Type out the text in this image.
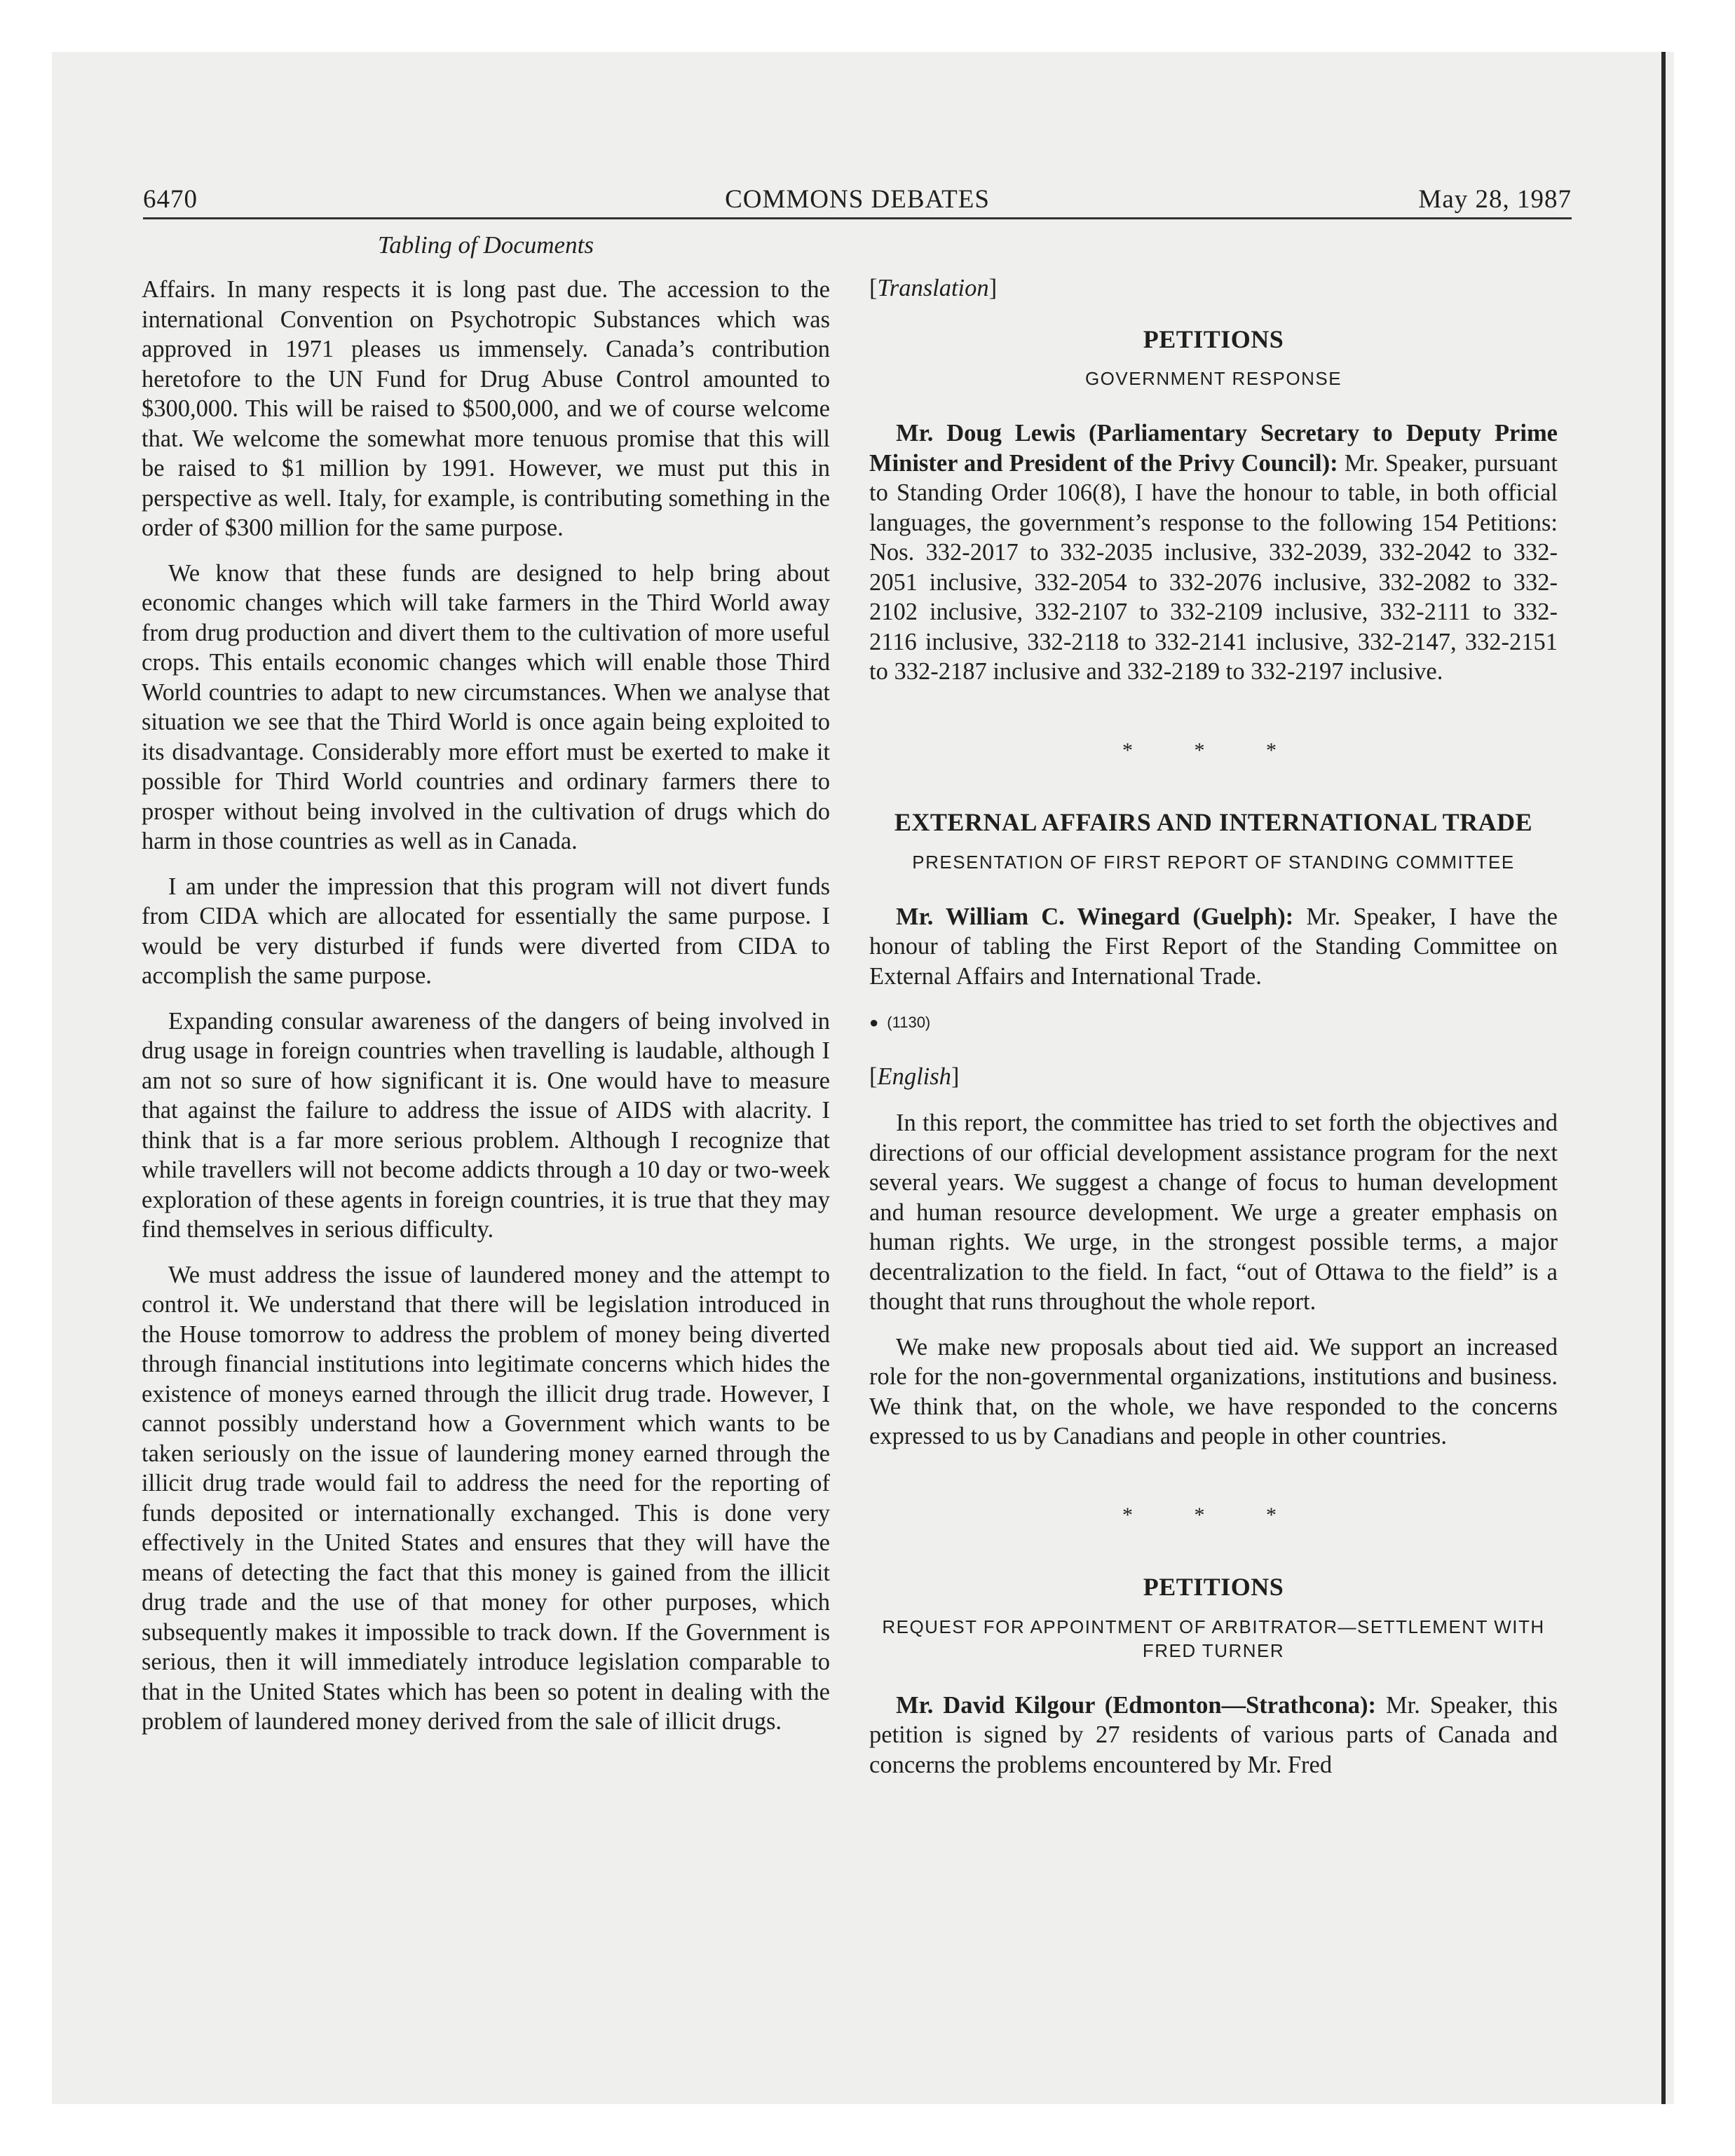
6470	COMMONS DEBATES	May 28, 1987
Tabling of Documents

Affairs. In many respects it is long past due. The accession to the international Convention on Psychotropic Substances which was approved in 1971 pleases us immensely. Canada’s contribution heretofore to the UN Fund for Drug Abuse Control amounted to $300,000. This will be raised to $500,000, and we of course welcome that. We welcome the somewhat more tenuous promise that this will be raised to $1 million by 1991. However, we must put this in perspective as well. Italy, for example, is contributing something in the order of $300 million for the same purpose.

We know that these funds are designed to help bring about economic changes which will take farmers in the Third World away from drug production and divert them to the cultivation of more useful crops. This entails economic changes which will enable those Third World countries to adapt to new circumstances. When we analyse that situation we see that the Third World is once again being exploited to its disadvantage. Considerably more effort must be exerted to make it possible for Third World countries and ordinary farmers there to prosper without being involved in the cultivation of drugs which do harm in those countries as well as in Canada.

I am under the impression that this program will not divert funds from CIDA which are allocated for essentially the same purpose. I would be very disturbed if funds were diverted from CIDA to accomplish the same purpose.

Expanding consular awareness of the dangers of being involved in drug usage in foreign countries when travelling is laudable, although I am not so sure of how significant it is. One would have to measure that against the failure to address the issue of AIDS with alacrity. I think that is a far more serious problem. Although I recognize that while travellers will not become addicts through a 10 day or two-week exploration of these agents in foreign countries, it is true that they may find themselves in serious difficulty.

We must address the issue of laundered money and the attempt to control it. We understand that there will be legislation introduced in the House tomorrow to address the problem of money being diverted through financial institutions into legitimate concerns which hides the existence of moneys earned through the illicit drug trade. However, I cannot possibly understand how a Government which wants to be taken seriously on the issue of laundering money earned through the illicit drug trade would fail to address the need for the reporting of funds deposited or internationally exchanged. This is done very effectively in the United States and ensures that they will have the means of detecting the fact that this money is gained from the illicit drug trade and the use of that money for other purposes, which subsequently makes it impossible to track down. If the Government is serious, then it will immediately introduce legislation comparable to that in the United States which has been so potent in dealing with the problem of laundered money derived from the sale of illicit drugs.

[Translation]

PETITIONS
GOVERNMENT RESPONSE

Mr. Doug Lewis (Parliamentary Secretary to Deputy Prime Minister and President of the Privy Council): Mr. Speaker, pursuant to Standing Order 106(8), I have the honour to table, in both official languages, the government’s response to the following 154 Petitions: Nos. 332-2017 to 332-2035 inclusive, 332-2039, 332-2042 to 332-2051 inclusive, 332-2054 to 332-2076 inclusive, 332-2082 to 332-2102 inclusive, 332-2107 to 332-2109 inclusive, 332-2111 to 332-2116 inclusive, 332-2118 to 332-2141 inclusive, 332-2147, 332-2151 to 332-2187 inclusive and 332-2189 to 332-2197 inclusive.

* * *
EXTERNAL AFFAIRS AND INTERNATIONAL TRADE
PRESENTATION OF FIRST REPORT OF STANDING COMMITTEE

Mr. William C. Winegard (Guelph): Mr. Speaker, I have the honour of tabling the First Report of the Standing Committee on External Affairs and International Trade.

● (1130)

[English]

In this report, the committee has tried to set forth the objectives and directions of our official development assistance program for the next several years. We suggest a change of focus to human development and human resource development. We urge a greater emphasis on human rights. We urge, in the strongest possible terms, a major decentralization to the field. In fact, “out of Ottawa to the field” is a thought that runs throughout the whole report.

We make new proposals about tied aid. We support an increased role for the non-governmental organizations, institutions and business. We think that, on the whole, we have responded to the concerns expressed to us by Canadians and people in other countries.

* * *
PETITIONS
REQUEST FOR APPOINTMENT OF ARBITRATOR—SETTLEMENT WITH FRED TURNER

Mr. David Kilgour (Edmonton—Strathcona): Mr. Speaker, this petition is signed by 27 residents of various parts of Canada and concerns the problems encountered by Mr. Fred
